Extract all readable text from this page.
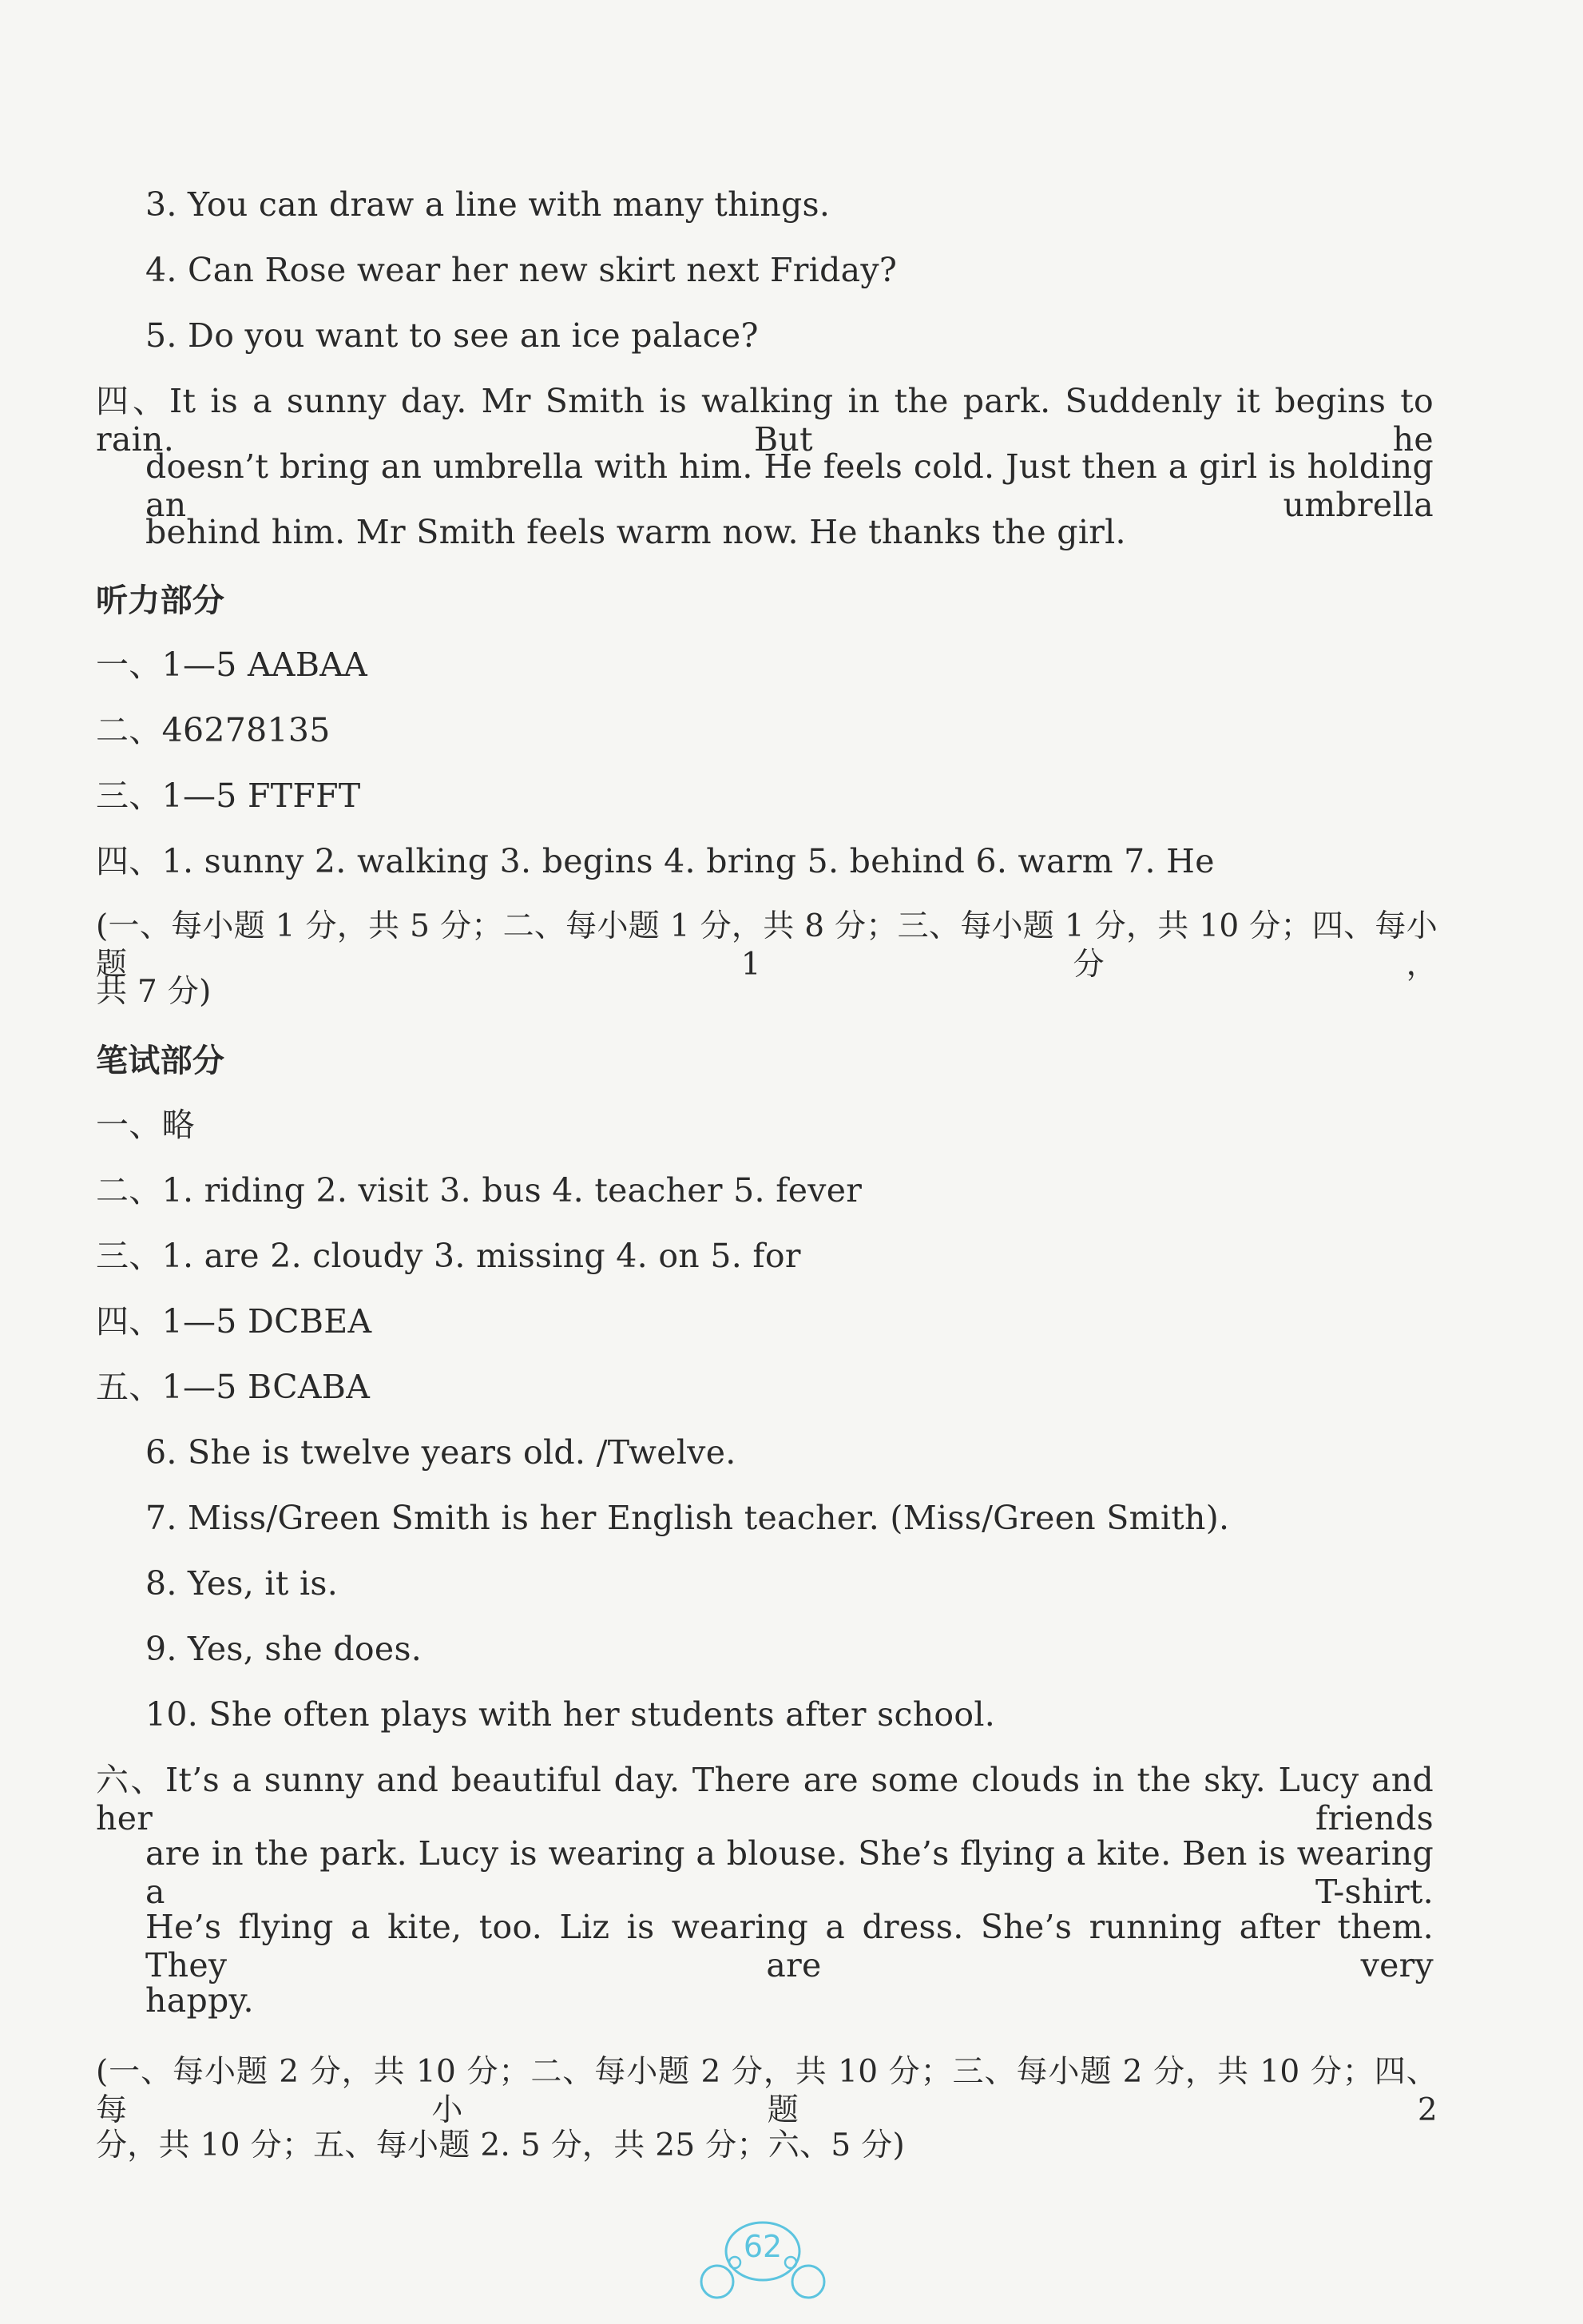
3. You can draw a line with many things.
4. Can Rose wear her new skirt next Friday?
5. Do you want to see an ice palace?
四、It is a sunny day. Mr Smith is walking in the park. Suddenly it begins to rain. But he
doesn’t bring an umbrella with him. He feels cold. Just then a girl is holding an umbrella
behind him. Mr Smith feels warm now. He thanks the girl.
听力部分
一、1—5 AABAA
二、46278135
三、1—5 FTFFT
四、1. sunny 2. walking 3. begins 4. bring 5. behind 6. warm 7. He
(一、每小题 1 分，共 5 分；二、每小题 1 分，共 8 分；三、每小题 1 分，共 10 分；四、每小题 1 分，
共 7 分)
笔试部分
一、略
二、1. riding 2. visit 3. bus 4. teacher 5. fever
三、1. are 2. cloudy 3. missing 4. on 5. for
四、1—5 DCBEA
五、1—5 BCABA
6. She is twelve years old. /Twelve.
7. Miss/Green Smith is her English teacher. (Miss/Green Smith).
8. Yes, it is.
9. Yes, she does.
10. She often plays with her students after school.
六、It’s a sunny and beautiful day. There are some clouds in the sky. Lucy and her friends
are in the park. Lucy is wearing a blouse. She’s flying a kite. Ben is wearing a T-shirt.
He’s flying a kite, too. Liz is wearing a dress. She’s running after them. They are very
happy.
(一、每小题 2 分，共 10 分；二、每小题 2 分，共 10 分；三、每小题 2 分，共 10 分；四、每小题 2
分，共 10 分；五、每小题 2. 5 分，共 25 分；六、5 分)
62
